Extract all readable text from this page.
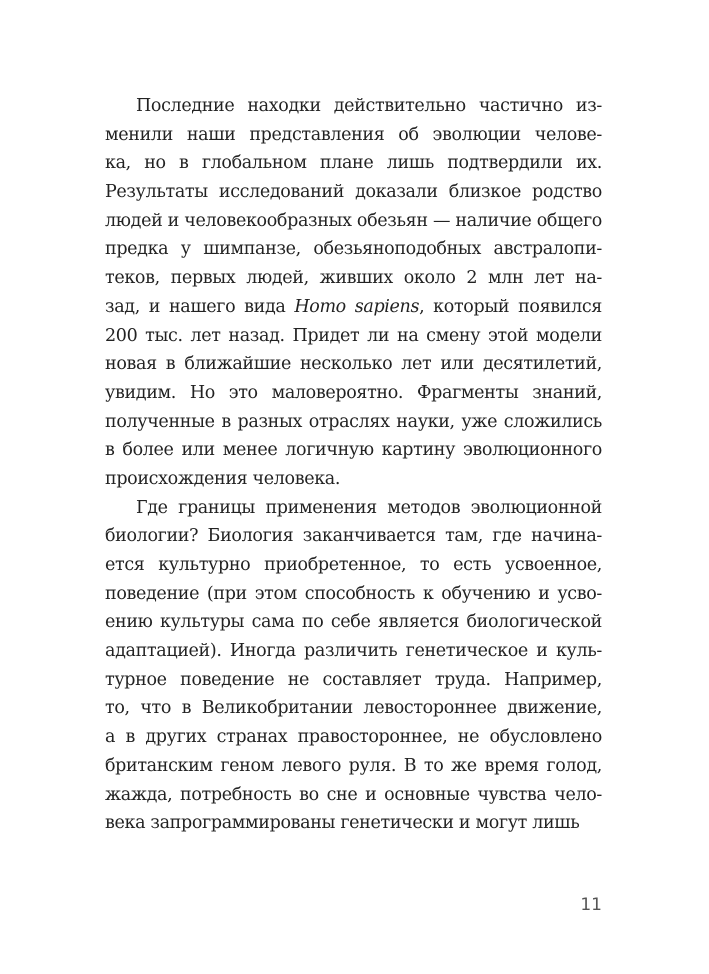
Последние находки действительно частично из-
менили наши представления об эволюции челове-
ка, но в глобальном плане лишь подтвердили их.
Результаты исследований доказали близкое родство
людей и человекообразных обезьян — наличие общего
предка у шимпанзе, обезьяноподобных австралопи-
теков, первых людей, живших около 2 млн лет на-
зад, и нашего вида Homo sapiens, который появился
200 тыс. лет назад. Придет ли на смену этой модели
новая в ближайшие несколько лет или десятилетий,
увидим. Но это маловероятно. Фрагменты знаний,
полученные в разных отраслях науки, уже сложились
в более или менее логичную картину эволюционного
происхождения человека.
Где границы применения методов эволюционной
биологии? Биология заканчивается там, где начина-
ется культурно приобретенное, то есть усвоенное,
поведение (при этом способность к обучению и усво-
ению культуры сама по себе является биологической
адаптацией). Иногда различить генетическое и куль-
турное поведение не составляет труда. Например,
то, что в Великобритании левостороннее движение,
а в других странах правостороннее, не обусловлено
британским геном левого руля. В то же время голод,
жажда, потребность во сне и основные чувства чело-
века запрограммированы генетически и могут лишь
11
